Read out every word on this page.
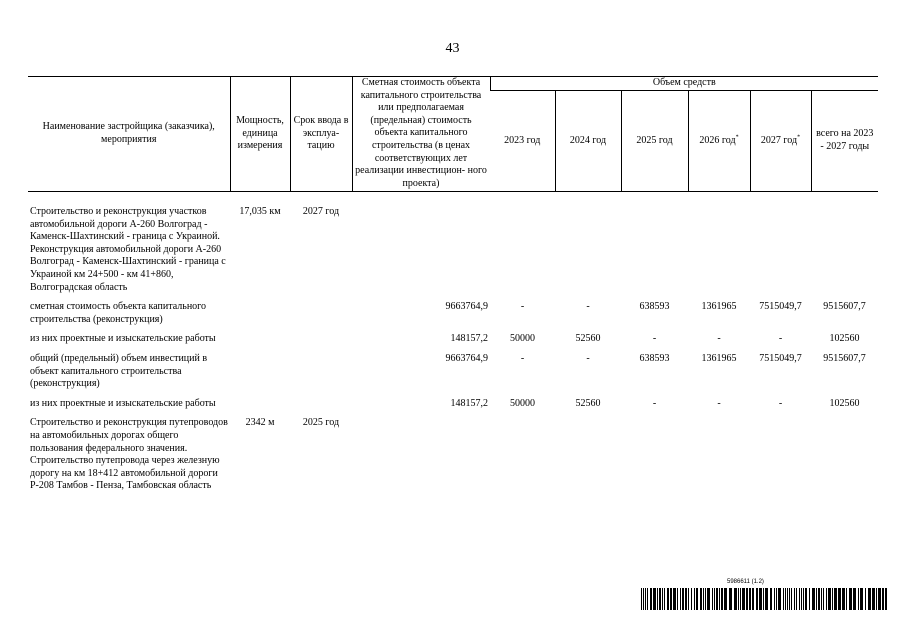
43
Наименование застройщика (заказчика), мероприятия	Мощность, единица измерения	Срок ввода в эксплуа- тацию	Сметная стоимость объекта капитального строительства или предполагаемая (предельная) стоимость объекта капитального строительства (в ценах соответствующих лет реализации инвестицион- ного проекта)	Объем средств					
				2023 год	2024 год	2025 год	2026 год*	2027 год*	всего на 2023 - 2027 годы

Строительство и реконструкция участков автомобильной дороги А-260 Волгоград - Каменск-Шахтинский - граница с Украиной. Реконструкция автомобильной дороги А-260 Волгоград - Каменск-Шахтинский - граница с Украиной км 24+500 - км 41+860, Волгоградская область	17,035 км	2027 год							
сметная стоимость объекта капитального строительства (реконструкция)			9663764,9	-	-	638593	1361965	7515049,7	9515607,7
из них проектные и изыскательские работы			148157,2	50000	52560	-	-	-	102560
общий (предельный) объем инвестиций в объект капитального строительства (реконструкция)			9663764,9	-	-	638593	1361965	7515049,7	9515607,7
из них проектные и изыскательские работы			148157,2	50000	52560	-	-	-	102560
Строительство и реконструкция путепроводов на автомобильных дорогах общего пользования федерального значения. Строительство путепровода через железную дорогу на км 18+412 автомобильной дороги Р-208 Тамбов - Пенза, Тамбовская область	2342 м	2025 год							
5986611 (1.2)
